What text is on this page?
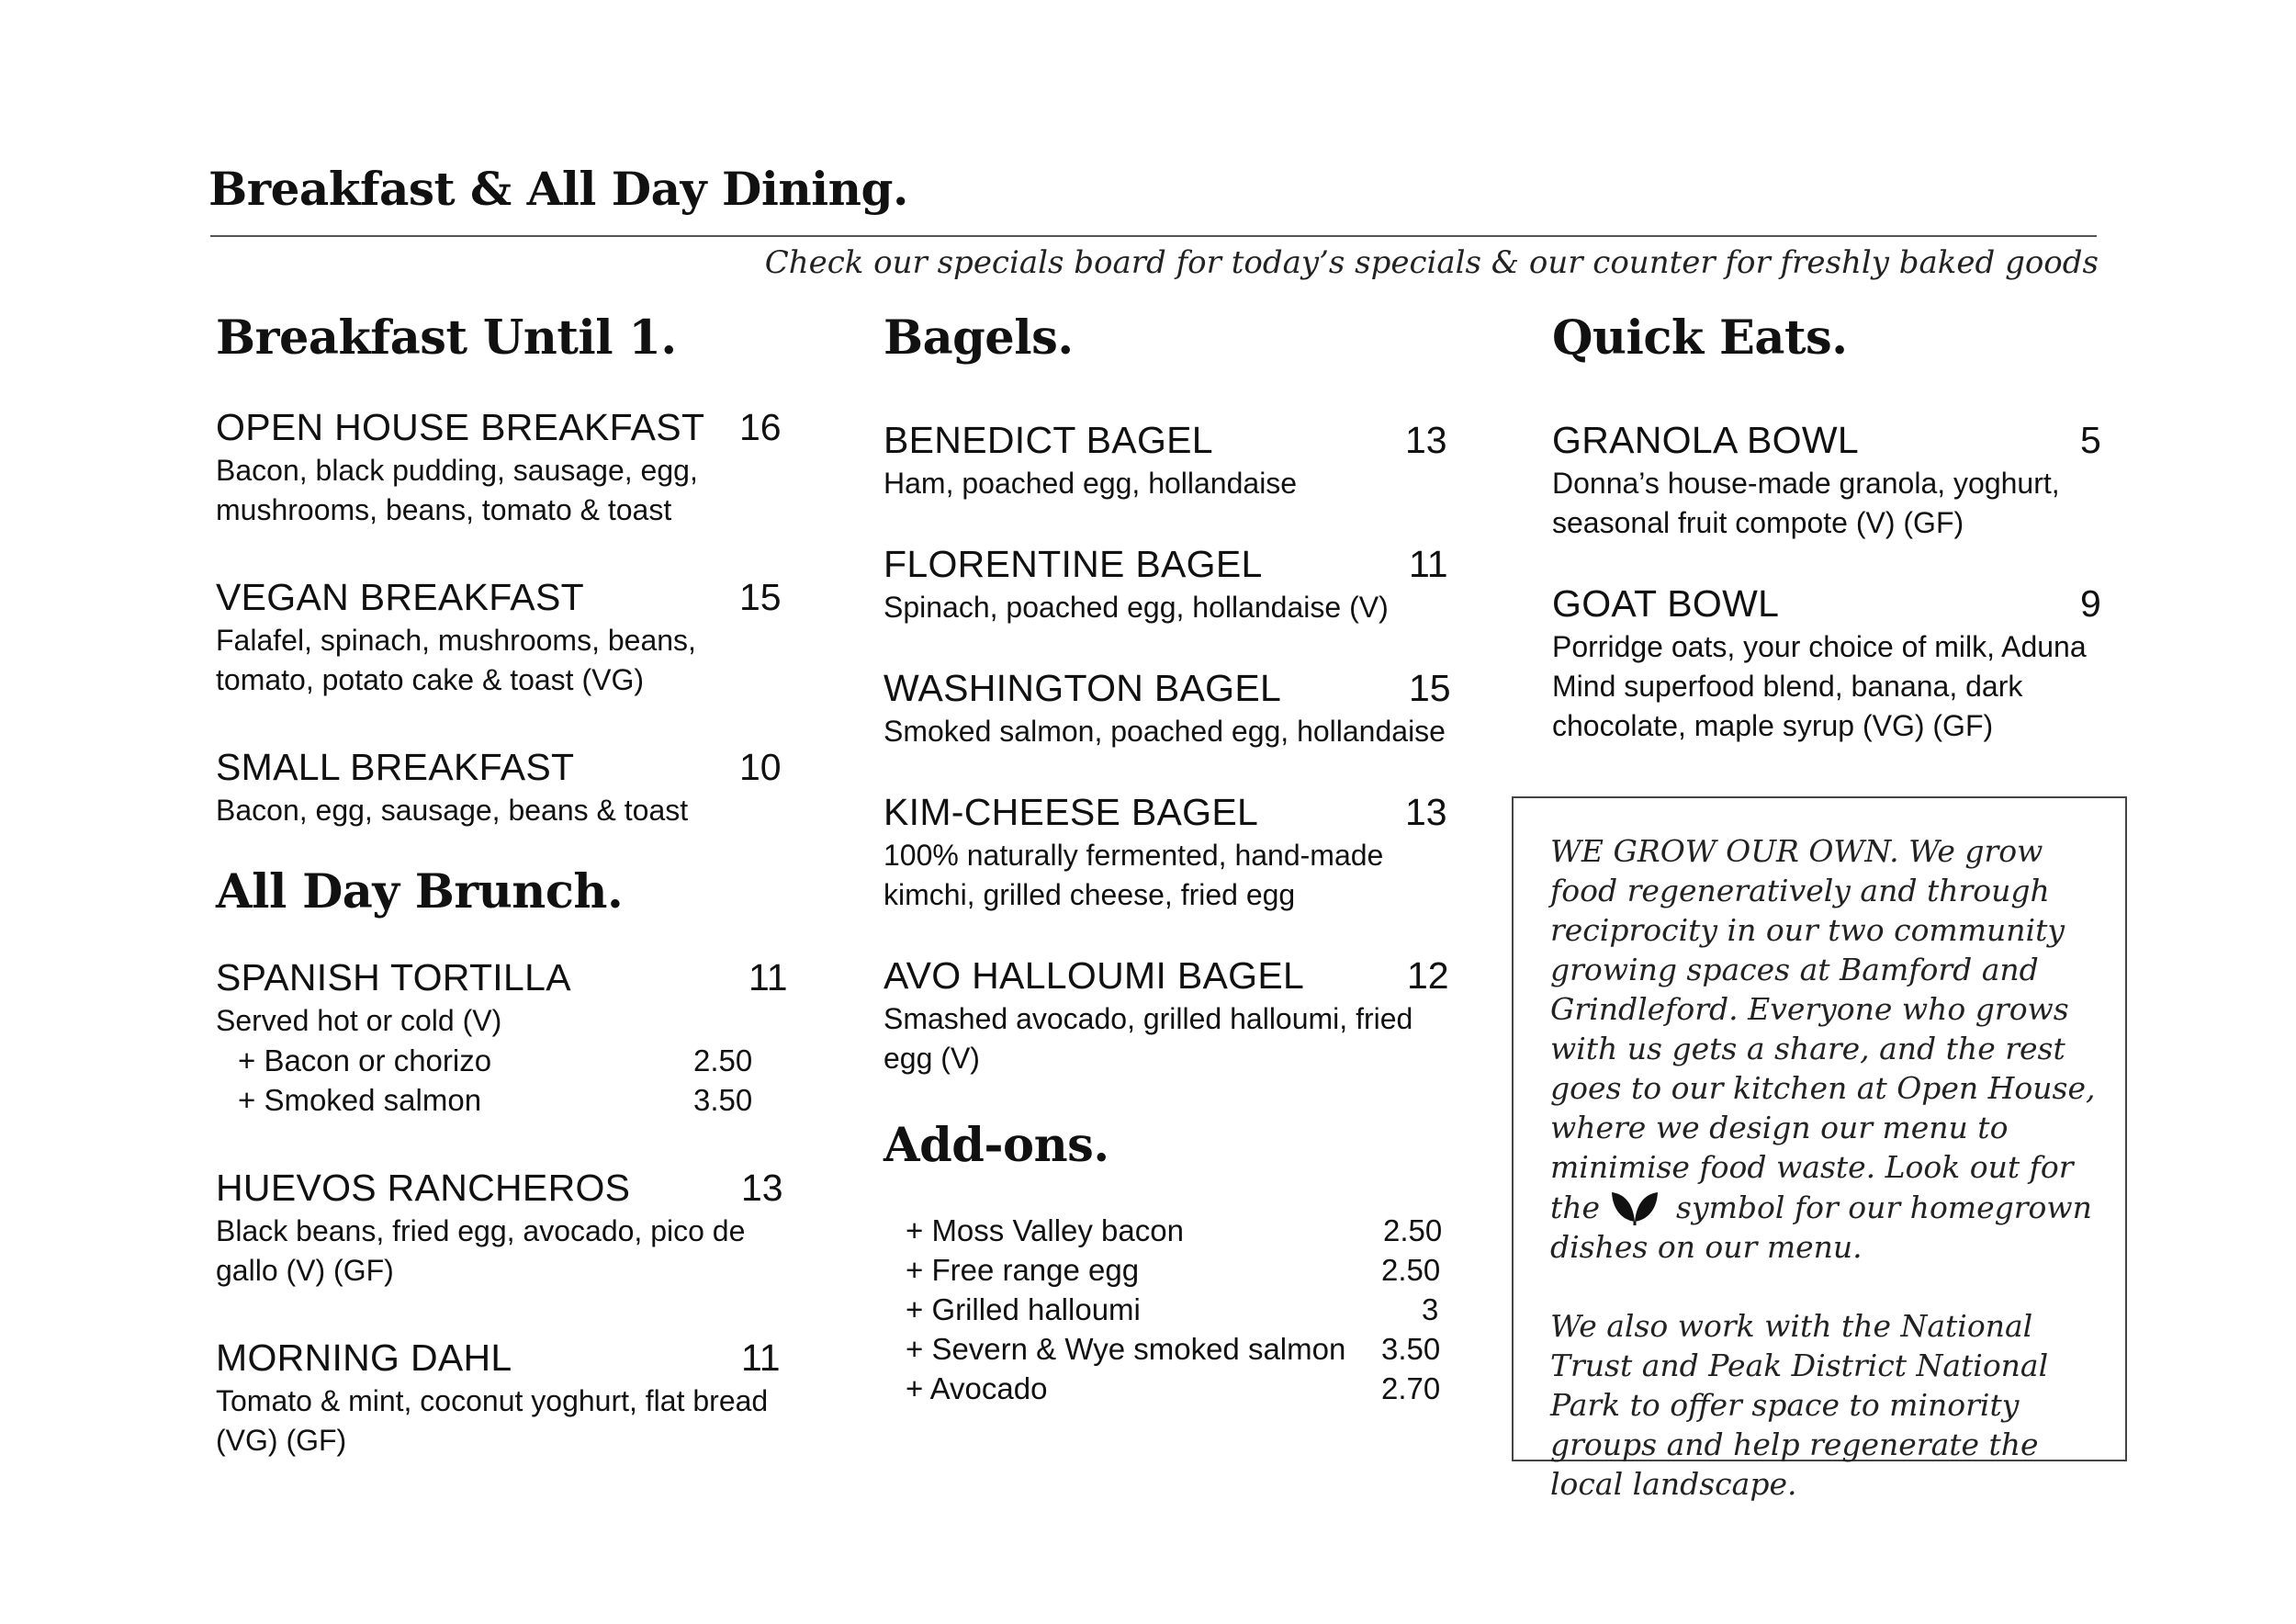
Breakfast & All Day Dining.
Check our specials board for today’s specials & our counter for freshly baked goods
Breakfast Until 1.
OPEN HOUSE BREAKFAST 16
Bacon, black pudding, sausage, egg, mushrooms, beans, tomato & toast
VEGAN BREAKFAST	15
Falafel, spinach, mushrooms, beans, tomato, potato cake & toast (VG)
SMALL BREAKFAST	10
Bacon, egg, sausage, beans & toast
All Day Brunch.
SPANISH TORTILLA	11
Served hot or cold (V)
+ Bacon or chorizo	2.50
+ Smoked salmon	3.50
HUEVOS RANCHEROS	13
Black beans, fried egg, avocado, pico de gallo (V) (GF)
MORNING DAHL	11
Tomato & mint, coconut yoghurt, flat bread (VG) (GF)
Bagels.
BENEDICT BAGEL	13
Ham, poached egg, hollandaise
FLORENTINE BAGEL	11
Spinach, poached egg, hollandaise (V)
WASHINGTON BAGEL	15
Smoked salmon, poached egg, hollandaise
KIM-CHEESE BAGEL	13
100% naturally fermented, hand-made kimchi, grilled cheese, fried egg
AVO HALLOUMI BAGEL	12
Smashed avocado, grilled halloumi, fried egg (V)
Add-ons.
+ Moss Valley bacon	2.50
+ Free range egg	2.50
+ Grilled halloumi	3
+ Severn & Wye smoked salmon 3.50
+ Avocado	2.70
Quick Eats.
GRANOLA BOWL	5
Donna’s house-made granola, yoghurt, seasonal fruit compote (V) (GF)
GOAT BOWL	9
Porridge oats, your choice of milk, Aduna Mind superfood blend, banana, dark chocolate, maple syrup (VG) (GF)

WE GROW OUR OWN. We grow food regeneratively and through reciprocity in our two community growing spaces at Bamford and Grindleford. Everyone who grows with us gets a share, and the rest goes to our kitchen at Open House, where we design our menu to minimise food waste. Look out for the	symbol for our homegrown dishes on our menu.

We also work with the National Trust and Peak District National Park to offer space to minority groups and help regenerate the local landscape.
